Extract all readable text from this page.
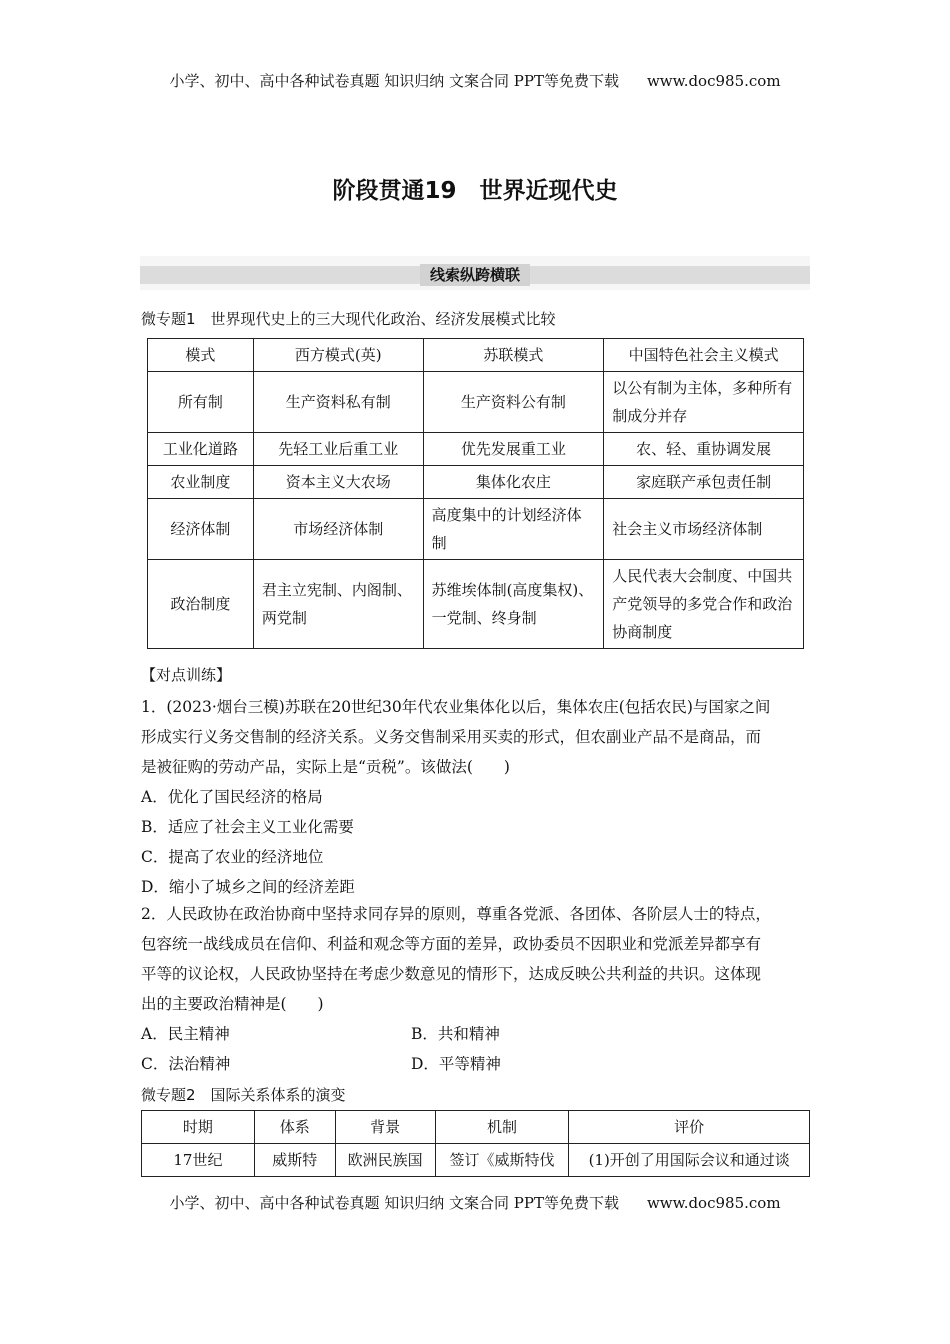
小学、初中、高中各种试卷真题 知识归纳 文案合同 PPT等免费下载 www.doc985.com
阶段贯通19　世界近现代史
线索纵跨横联
微专题1　世界现代史上的三大现代化政治、经济发展模式比较
模式	西方模式(英)	苏联模式	中国特色社会主义模式
所有制	生产资料私有制	生产资料公有制	以公有制为主体，多种所有制成分并存
工业化道路	先轻工业后重工业	优先发展重工业	农、轻、重协调发展
农业制度	资本主义大农场	集体化农庄	家庭联产承包责任制
经济体制	市场经济体制	高度集中的计划经济体制	社会主义市场经济体制
政治制度	君主立宪制、内阁制、两党制	苏维埃体制(高度集权)、一党制、终身制	人民代表大会制度、中国共产党领导的多党合作和政治协商制度
【对点训练】
1．(2023·烟台三模)苏联在20世纪30年代农业集体化以后，集体农庄(包括农民)与国家之间
形成实行义务交售制的经济关系。义务交售制采用买卖的形式，但农副业产品不是商品，而
是被征购的劳动产品，实际上是“贡税”。该做法(　　)
A．优化了国民经济的格局
B．适应了社会主义工业化需要
C．提高了农业的经济地位
D．缩小了城乡之间的经济差距
2．人民政协在政治协商中坚持求同存异的原则，尊重各党派、各团体、各阶层人士的特点，
包容统一战线成员在信仰、利益和观念等方面的差异，政协委员不因职业和党派差异都享有
平等的议论权，人民政协坚持在考虑少数意见的情形下，达成反映公共利益的共识。这体现
出的主要政治精神是(　　)
A．民主精神	B．共和精神
C．法治精神	D．平等精神
微专题2　国际关系体系的演变
时期	体系	背景	机制	评价
17世纪	威斯特	欧洲民族国	签订《威斯特伐	(1)开创了用国际会议和通过谈
小学、初中、高中各种试卷真题 知识归纳 文案合同 PPT等免费下载 www.doc985.com
